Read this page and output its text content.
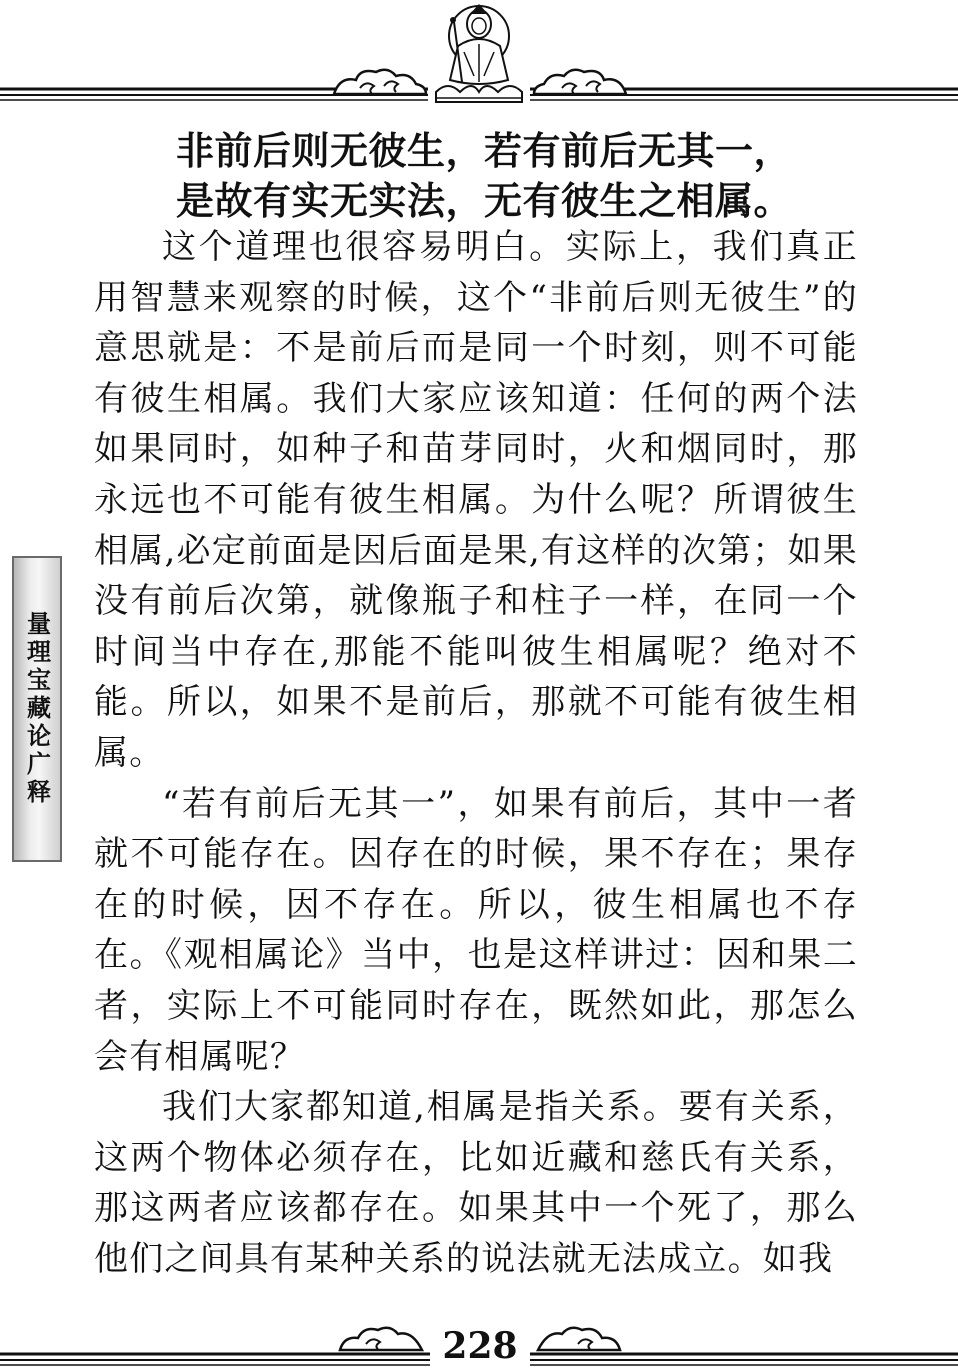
量理宝藏论广释
非前后则无彼生，若有前后无其一，
是故有实无实法，无有彼生之相属。

这个道理也很容易明白。实际上，我们真正用智慧来观察的时候，这个“非前后则无彼生”的意思就是：不是前后而是同一个时刻，则不可能有彼生相属。我们大家应该知道：任何的两个法如果同时，如种子和苗芽同时，火和烟同时，那永远也不可能有彼生相属。为什么呢？所谓彼生相属,必定前面是因后面是果,有这样的次第；如果没有前后次第，就像瓶子和柱子一样，在同一个时间当中存在,那能不能叫彼生相属呢？绝对不能。所以，如果不是前后，那就不可能有彼生相属。

“若有前后无其一”，如果有前后，其中一者就不可能存在。因存在的时候，果不存在；果存在的时候，因不存在。所以，彼生相属也不存在。《观相属论》当中，也是这样讲过：因和果二者，实际上不可能同时存在，既然如此，那怎么会有相属呢？

我们大家都知道,相属是指关系。要有关系，这两个物体必须存在，比如近藏和慈氏有关系，那这两者应该都存在。如果其中一个死了，那么他们之间具有某种关系的说法就无法成立。如我

228
